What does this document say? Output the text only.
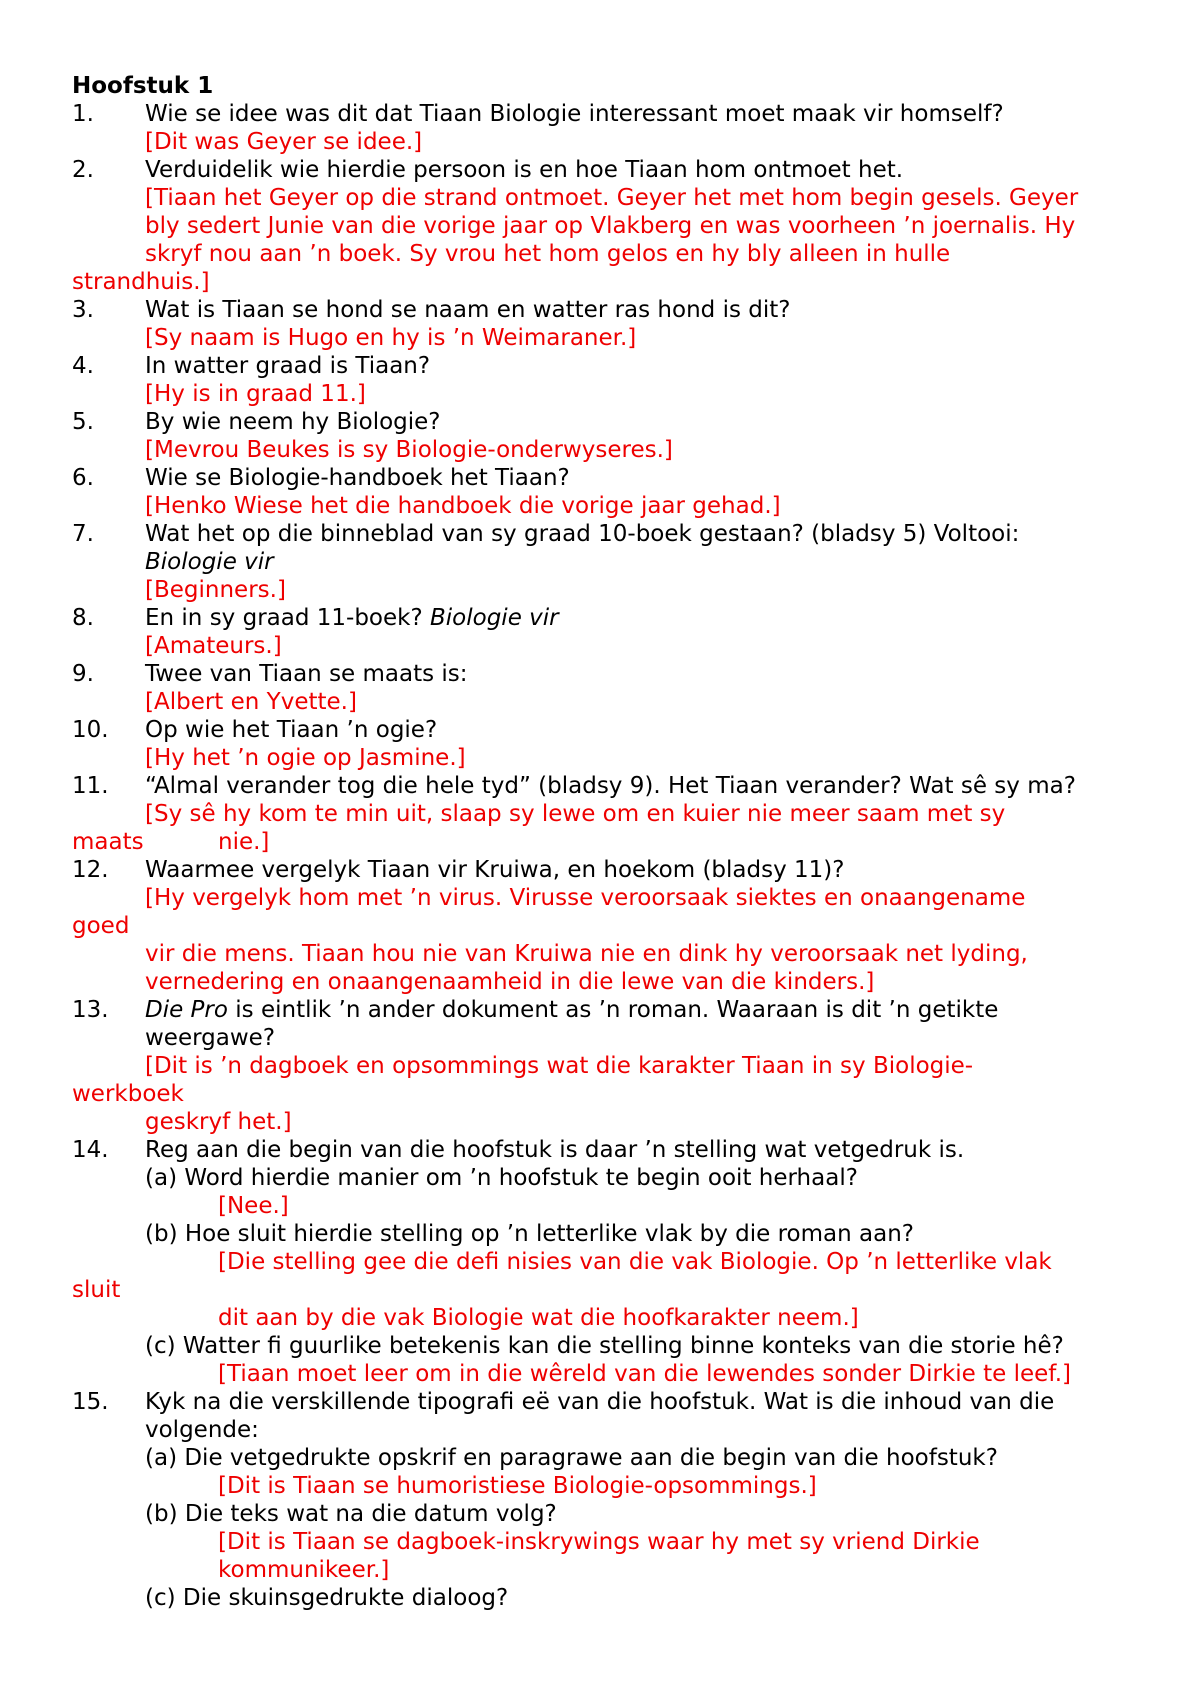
Hoofstuk 1
1. Wie se idee was dit dat Tiaan Biologie interessant moet maak vir homself?
[Dit was Geyer se idee.]
2. Verduidelik wie hierdie persoon is en hoe Tiaan hom ontmoet het.
[Tiaan het Geyer op die strand ontmoet. Geyer het met hom begin gesels. Geyer
bly sedert Junie van die vorige jaar op Vlakberg en was voorheen ’n joernalis. Hy
skryf nou aan ’n boek. Sy vrou het hom gelos en hy bly alleen in hulle
strandhuis.]
3. Wat is Tiaan se hond se naam en watter ras hond is dit?
[Sy naam is Hugo en hy is ’n Weimaraner.]
4. In watter graad is Tiaan?
[Hy is in graad 11.]
5. By wie neem hy Biologie?
[Mevrou Beukes is sy Biologie-onderwyseres.]
6. Wie se Biologie-handboek het Tiaan?
[Henko Wiese het die handboek die vorige jaar gehad.]
7. Wat het op die binneblad van sy graad 10-boek gestaan? (bladsy 5) Voltooi:
Biologie vir
[Beginners.]
8. En in sy graad 11-boek? Biologie vir
[Amateurs.]
9. Twee van Tiaan se maats is:
[Albert en Yvette.]
10. Op wie het Tiaan ’n ogie?
[Hy het ’n ogie op Jasmine.]
11. “Almal verander tog die hele tyd” (bladsy 9). Het Tiaan verander? Wat sê sy ma?
[Sy sê hy kom te min uit, slaap sy lewe om en kuier nie meer saam met sy
maats	nie.]
12. Waarmee vergelyk Tiaan vir Kruiwa, en hoekom (bladsy 11)?
[Hy vergelyk hom met ’n virus. Virusse veroorsaak siektes en onaangename
goed
vir die mens. Tiaan hou nie van Kruiwa nie en dink hy veroorsaak net lyding,
vernedering en onaangenaamheid in die lewe van die kinders.]
13. Die Pro is eintlik ’n ander dokument as ’n roman. Waaraan is dit ’n getikte
weergawe?
[Dit is ’n dagboek en opsommings wat die karakter Tiaan in sy Biologie-
werkboek
geskryf het.]
14. Reg aan die begin van die hoofstuk is daar ’n stelling wat vetgedruk is.
(a) Word hierdie manier om ’n hoofstuk te begin ooit herhaal?
[Nee.]
(b) Hoe sluit hierdie stelling op ’n letterlike vlak by die roman aan?
[Die stelling gee die defi nisies van die vak Biologie. Op ’n letterlike vlak
sluit
dit aan by die vak Biologie wat die hoofkarakter neem.]
(c) Watter fi guurlike betekenis kan die stelling binne konteks van die storie hê?
[Tiaan moet leer om in die wêreld van die lewendes sonder Dirkie te leef.]
15. Kyk na die verskillende tipografi eë van die hoofstuk. Wat is die inhoud van die
volgende:
(a) Die vetgedrukte opskrif en paragrawe aan die begin van die hoofstuk?
[Dit is Tiaan se humoristiese Biologie-opsommings.]
(b) Die teks wat na die datum volg?
[Dit is Tiaan se dagboek-inskrywings waar hy met sy vriend Dirkie
kommunikeer.]
(c) Die skuinsgedrukte dialoog?
